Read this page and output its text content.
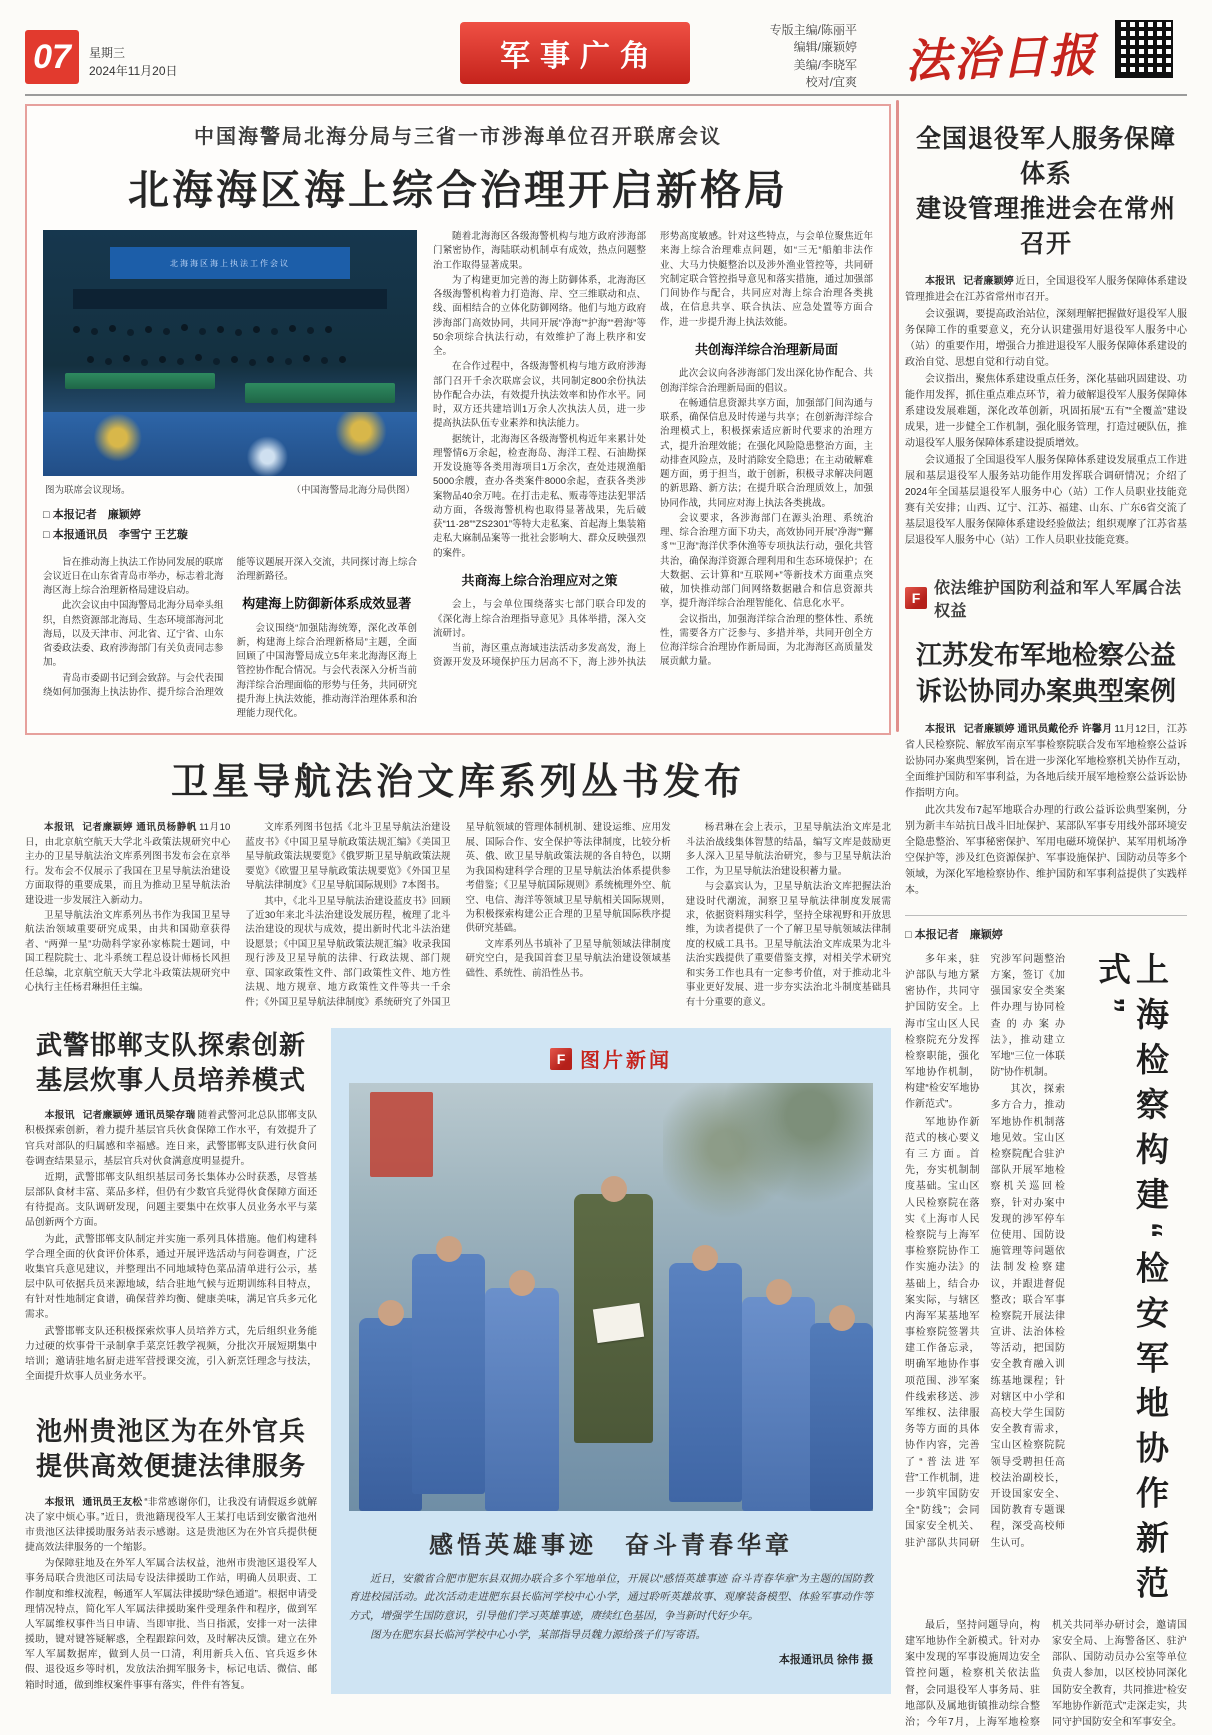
07 星期三
2024年11月20日	军事广角
专版主编/陈丽平
编辑/廉颖婷
美编/李晓军
校对/宜爽 法治日报
中国海警局北海分局与三省一市涉海单位召开联席会议
北海海区海上综合治理开启新格局
北海海区海上执法工作会议
图为联席会议现场。	（中国海警局北海分局供图）
□ 本报记者　廉颖婷
□ 本报通讯员　李雪宁 王艺璇

旨在推动海上执法工作协同发展的联席会议近日在山东省青岛市举办，标志着北海海区海上综合治理新格局建设启动。

此次会议由中国海警局北海分局牵头组织，自然资源部北海局、生态环境部海河北海局，以及天津市、河北省、辽宁省、山东省委政法委、政府涉海部门有关负责同志参加。

青岛市委副书记到会致辞。与会代表围绕如何加强海上执法协作、提升综合治理效能等议题展开深入交流，共同探讨海上综合治理新路径。

构建海上防御新体系成效显著

会议围绕“加强陆海统筹，深化改革创新，构建海上综合治理新格局”主题，全面回顾了中国海警局成立5年来北海海区海上管控协作配合情况。与会代表深入分析当前海洋综合治理面临的形势与任务，共同研究提升海上执法效能，推动海洋治理体系和治理能力现代化。

随着北海海区各级海警机构与地方政府涉海部门紧密协作，海陆联动机制卓有成效，热点问题整治工作取得显著成果。

为了构建更加完善的海上防御体系，北海海区各级海警机构着力打造海、岸、空三维联动和点、线、面相结合的立体化防御网络。他们与地方政府涉海部门高效协同，共同开展“净海”“护海”“碧海”等50余项综合执法行动，有效维护了海上秩序和安全。

在合作过程中，各级海警机构与地方政府涉海部门召开千余次联席会议，共同制定800余份执法协作配合办法，有效提升执法效率和协作水平。同时，双方还共建培训1万余人次执法人员，进一步提高执法队伍专业素养和执法能力。

据统计，北海海区各级海警机构近年来累计处理警情6万余起，检查海岛、海洋工程、石油勘探开发设施等各类用海项目1万余次，查处违规渔船5000余艘，查办各类案件8000余起，查获各类涉案物品40余万吨。在打击走私、贩毒等违法犯罪活动方面，各级海警机构也取得显著战果，先后破获“11·28”“ZS2301”等特大走私案、首起海上集装箱走私大麻制品案等一批社会影响大、群众反映强烈的案件。

共商海上综合治理应对之策

会上，与会单位围绕落实七部门联合印发的《深化海上综合治理指导意见》具体举措，深入交流研讨。

当前，海区重点海域违法活动多发高发，海上资源开发及环境保护压力居高不下，海上涉外执法形势高度敏感。针对这些特点，与会单位聚焦近年来海上综合治理难点问题，如“三无”船舶非法作业、大马力快艇整治以及涉外渔业管控等，共同研究制定联合管控指导意见和落实措施，通过加强部门间协作与配合，共同应对海上综合治理各类挑战，在信息共享、联合执法、应急处置等方面合作，进一步提升海上执法效能。

共创海洋综合治理新局面

此次会议向各涉海部门发出深化协作配合、共创海洋综合治理新局面的倡议。

在畅通信息资源共享方面，加强部门间沟通与联系，确保信息及时传递与共享；在创新海洋综合治理模式上，积极探索适应新时代要求的治理方式，提升治理效能；在强化风险隐患整治方面，主动排查风险点，及时消除安全隐患；在主动破解难题方面，勇于担当，敢于创新，积极寻求解决问题的新思路、新方法；在提升联合治理质效上，加强协同作战，共同应对海上执法各类挑战。

会议要求，各涉海部门在源头治理、系统治理、综合治理方面下功夫，高效协同开展“净海”“獬豸”“卫海”海洋伏季休渔等专项执法行动，强化共管共治，确保海洋资源合理利用和生态环境保护；在大数据、云计算和“互联网+”等新技术方面重点突破，加快推动部门间网络数据融合和信息资源共享，提升海洋综合治理智能化、信息化水平。

会议指出，加强海洋综合治理的整体性、系统性，需要各方广泛参与、多措并举，共同开创全方位海洋综合治理协作新局面，为北海海区高质量发展贡献力量。

卫星导航法治文库系列丛书发布

本报讯 记者廉颖婷 通讯员杨静帆 11月10日，由北京航空航天大学北斗政策法规研究中心主办的卫星导航法治文库系列图书发布会在京举行。发布会不仅展示了我国在卫星导航法治建设方面取得的重要成果，而且为推动卫星导航法治建设进一步发展注入新动力。

卫星导航法治文库系列丛书作为我国卫星导航法治领域重要研究成果，由共和国勋章获得者、“两弹一星”功勋科学家孙家栋院士题词，中国工程院院士、北斗系统工程总设计师杨长风担任总编，北京航空航天大学北斗政策法规研究中心执行主任杨君琳担任主编。

文库系列图书包括《北斗卫星导航法治建设蓝皮书》《中国卫星导航政策法规汇编》《美国卫星导航政策法规要览》《俄罗斯卫星导航政策法规要览》《欧盟卫星导航政策法规要览》《外国卫星导航法律制度》《卫星导航国际规则》7本图书。

其中，《北斗卫星导航法治建设蓝皮书》回顾了近30年来北斗法治建设发展历程，梳理了北斗法治建设的现状与成效，提出新时代北斗法治建设愿景；《中国卫星导航政策法规汇编》收录我国现行涉及卫星导航的法律、行政法规、部门规章、国家政策性文件、部门政策性文件、地方性法规、地方规章、地方政策性文件等共一千余件；《外国卫星导航法律制度》系统研究了外国卫星导航领域的管理体制机制、建设运维、应用发展、国际合作、安全保护等法律制度，比较分析英、俄、欧卫星导航政策法规的各自特色，以期为我国构建科学合理的卫星导航法治体系提供参考借鉴；《卫星导航国际规则》系统梳理外空、航空、电信、海洋等领域卫星导航相关国际规则，为积极探索构建公正合理的卫星导航国际秩序提供研究基础。

文库系列丛书填补了卫星导航领域法律制度研究空白，是我国首套卫星导航法治建设领域基础性、系统性、前沿性丛书。

杨君琳在会上表示，卫星导航法治文库是北斗法治战线集体智慧的结晶，编写文库是鼓励更多人深入卫星导航法治研究，参与卫星导航法治工作，为卫星导航法治建设积蓄力量。

与会嘉宾认为，卫星导航法治文库把握法治建设时代潮流，洞察卫星导航法律制度发展需求，依据资料翔实科学，坚持全球视野和开放思维，为读者提供了一个了解卫星导航领域法律制度的权威工具书。卫星导航法治文库成果为北斗法治实践提供了重要借鉴支撑，对相关学术研究和实务工作也具有一定参考价值，对于推动北斗事业更好发展、进一步夯实法治北斗制度基础具有十分重要的意义。

武警邯郸支队探索创新
基层炊事人员培养模式

本报讯 记者廉颖婷 通讯员梁存瑞 随着武警河北总队邯郸支队积极探索创新，着力提升基层官兵伙食保障工作水平，有效提升了官兵对部队的归属感和幸福感。连日来，武警邯郸支队进行伙食问卷调查结果显示，基层官兵对伙食满意度明显提升。

近期，武警邯郸支队组织基层司务长集体办公时获悉，尽管基层部队食材丰富、菜品多样，但仍有少数官兵觉得伙食保障方面还有待提高。支队调研发现，问题主要集中在炊事人员业务水平与菜品创新两个方面。

为此，武警邯郸支队制定并实施一系列具体措施。他们构建科学合理全面的伙食评价体系，通过开展评选活动与问卷调查，广泛收集官兵意见建议，并整理出不同地域特色菜品清单进行公示，基层中队可依据兵员来源地域，结合驻地气候与近期训练科目特点，有针对性地制定食谱，确保营养均衡、健康美味，满足官兵多元化需求。

武警邯郸支队还积极探索炊事人员培养方式，先后组织业务能力过硬的炊事骨干录制拿手菜烹饪教学视频，分批次开展短期集中培训；邀请驻地名厨走进军营授课交流，引入新烹饪理念与技法，全面提升炊事人员业务水平。

池州贵池区为在外官兵
提供高效便捷法律服务

本报讯 通讯员王友松 “非常感谢你们，让我没有请假返乡就解决了家中烦心事。”近日，贵池籍现役军人王某打电话到安徽省池州市贵池区法律援助服务站表示感谢。这是贵池区为在外官兵提供便捷高效法律服务的一个缩影。

为保障驻地及在外军人军属合法权益，池州市贵池区退役军人事务局联合贵池区司法局专设法律援助工作站，明确人员职责、工作制度和维权流程，畅通军人军属法律援助“绿色通道”。根据申请受理情况特点，简化军人军属法律援助案件受理条件和程序，做到军人军属维权事件当日申请、当即审批、当日指派，安排一对一法律援助，键对键答疑解惑，全程跟踪问效，及时解决反馈。建立在外军人军属数据库，做到人员一口清，利用新兵入伍、官兵返乡休假、退役返乡等时机，发放法治拥军服务卡，标记电话、微信、邮箱时时通，做到维权案件事事有落实，件件有答复。

F 图片新闻
感悟英雄事迹　奋斗青春华章

近日，安徽省合肥市肥东县双拥办联合多个军地单位，开展以“感悟英雄事迹 奋斗青春华章”为主题的国防教育进校园活动。此次活动走进肥东县长临河学校中心小学，通过聆听英雄故事、观摩装备模型、体验军事动作等方式，增强学生国防意识，引导他们学习英雄事迹，赓续红色基因，争当新时代好少年。

图为在肥东县长临河学校中心小学，某部指导员魏力源给孩子们写寄语。

本报通讯员 徐伟 摄
全国退役军人服务保障体系
建设管理推进会在常州召开

本报讯 记者廉颖婷 近日，全国退役军人服务保障体系建设管理推进会在江苏省常州市召开。

会议强调，要提高政治站位，深刻理解把握做好退役军人服务保障工作的重要意义，充分认识建强用好退役军人服务中心（站）的重要作用，增强合力推进退役军人服务保障体系建设的政治自觉、思想自觉和行动自觉。

会议指出，聚焦体系建设重点任务，深化基础巩固建设、功能作用发挥，抓住重点难点环节，着力破解退役军人服务保障体系建设发展难题，深化改革创新，巩固拓展“五有”“全覆盖”建设成果，进一步健全工作机制，强化服务管理，打造过硬队伍，推动退役军人服务保障体系建设提质增效。

会议通报了全国退役军人服务保障体系建设发展重点工作进展和基层退役军人服务站功能作用发挥联合调研情况；介绍了2024年全国基层退役军人服务中心（站）工作人员职业技能竞赛有关安排；山西、辽宁、江苏、福建、山东、广东6省交流了基层退役军人服务保障体系建设经验做法；组织观摩了江苏省基层退役军人服务中心（站）工作人员职业技能竞赛。

F
依法维护国防利益和军人军属合法权益
江苏发布军地检察公益
诉讼协同办案典型案例

本报讯 记者廉颖婷 通讯员戴伦乔 许馨月 11月12日，江苏省人民检察院、解放军南京军事检察院联合发布军地检察公益诉讼协同办案典型案例，旨在进一步深化军地检察机关协作互动，全面维护国防和军事利益，为各地后续开展军地检察公益诉讼协作指明方向。

此次共发布7起军地联合办理的行政公益诉讼典型案例，分别为新丰车站抗日战斗旧址保护、某部队军事专用线外部环境安全隐患整治、军事秘密保护、军用电磁环境保护、某军用机场净空保护等，涉及红色资源保护、军事设施保护、国防动员等多个领域，为深化军地检察协作、维护国防和军事利益提供了实践样本。

□ 本报记者　廉颖婷

多年来，驻沪部队与地方紧密协作，共同守护国防安全。上海市宝山区人民检察院充分发挥检察职能，强化军地协作机制，构建“检安军地协作新范式”。

军地协作新范式的核心要义有三方面。首先，夯实机制制度基础。宝山区人民检察院在落实《上海市人民检察院与上海军事检察院协作工作实施办法》的基础上，结合办案实际，与辖区内海军某基地军事检察院签署共建工作备忘录，明确军地协作事项范围、涉军案件线索移送、涉军维权、法律服务等方面的具体协作内容，完善了“普法进军营”工作机制，进一步筑牢国防安全“防线”；会同国家安全机关、驻沪部队共同研究涉军问题整治方案，签订《加强国家安全类案件办理与协同检查的办案办法》，推动建立军地“三位一体联防”协作机制。

其次，探索多方合力，推动军地协作机制落地见效。宝山区检察院配合驻沪部队开展军地检察机关巡回检察，针对办案中发现的涉军停车位使用、国防设施管理等问题依法制发检察建议，并跟进督促整改；联合军事检察院开展法律宣讲、法治体检等活动，把国防安全教育融入训练基地课程；针对辖区中小学和高校大学生国防安全教育需求，宝山区检察院院领导受聘担任高校法治副校长，开设国家安全、国防教育专题课程，深受高校师生认可。	上海检察构建“检安军地协作新范式”

最后，坚持问题导向，构建军地协作全新模式。针对办案中发现的军事设施周边安全管控问题，检察机关依法监督，会同退役军人事务局、驻地部队及属地街镇推动综合整治；今年7月，上海军地检察机关共同举办研讨会，邀请国家安全局、上海警备区、驻沪部队、国防动员办公室等单位负责人参加，以区校协同深化国防安全教育，共同推进“检安军地协作新范式”走深走实，共同守护国防安全和军事安全。
